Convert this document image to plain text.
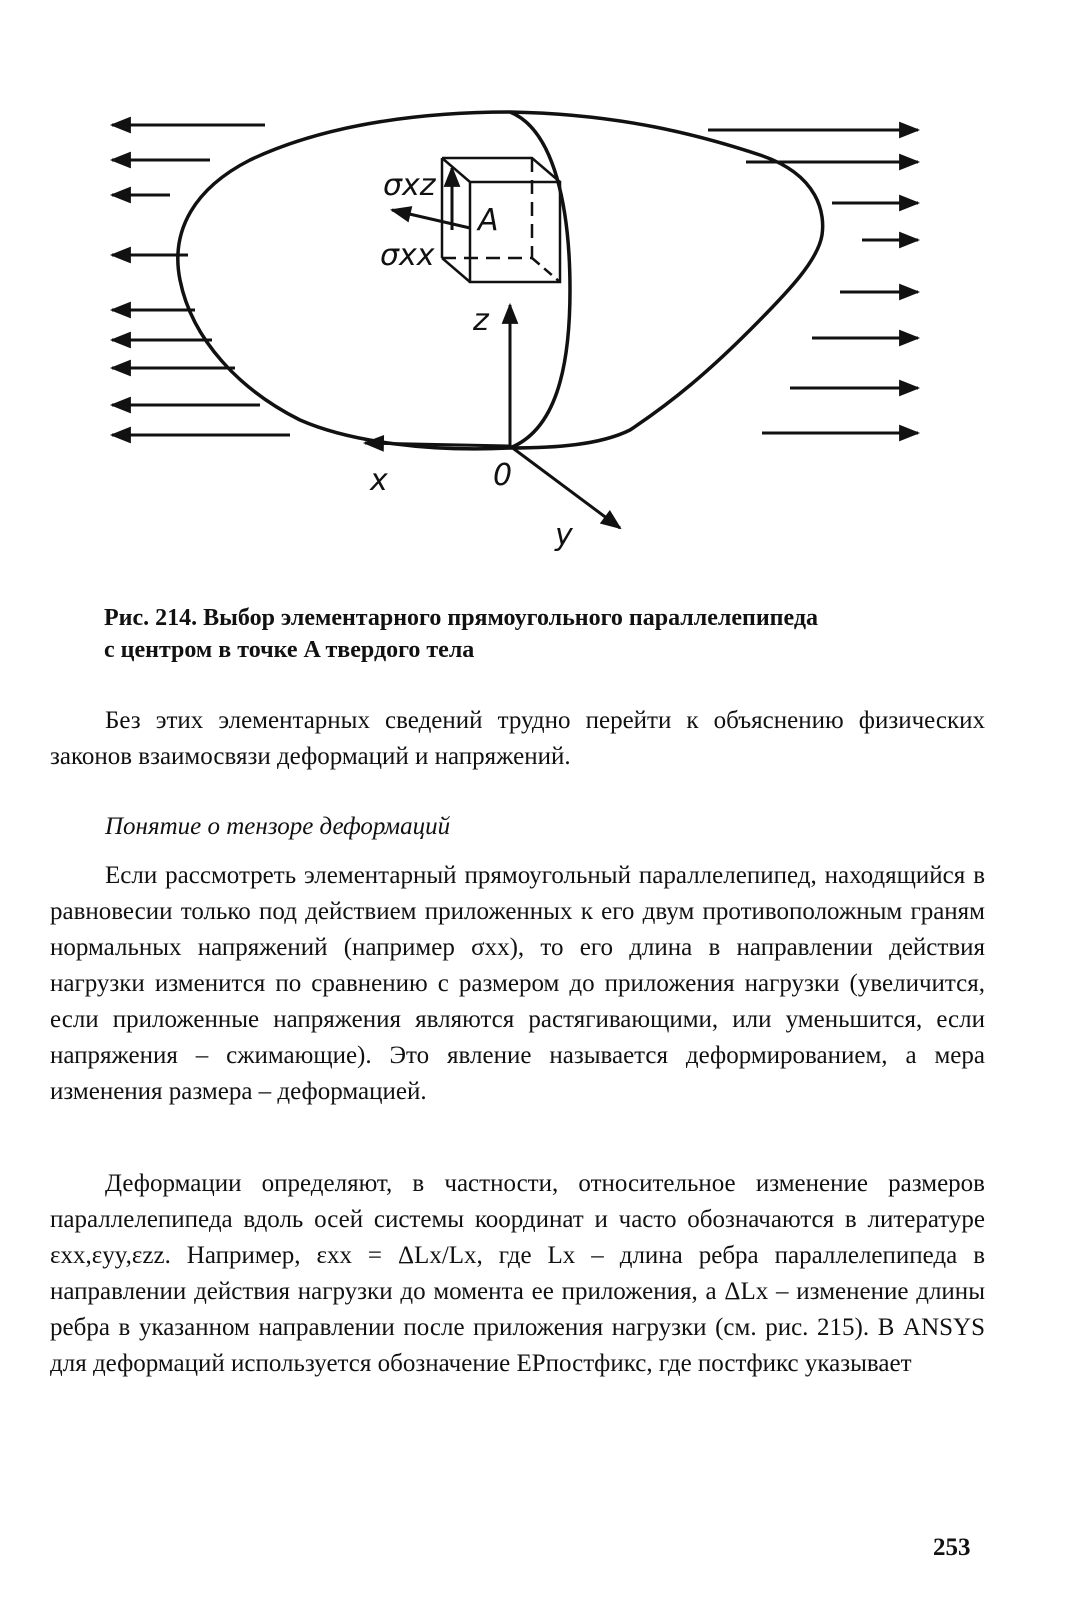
σxz
σxx
A
z
x	0
y
Рис. 214. Выбор элементарного прямоугольного параллелепипеда
с центром в точке A твердого тела

Без этих элементарных сведений трудно перейти к объяснению физических законов взаимосвязи деформаций и напряжений.

Понятие о тензоре деформаций

Если рассмотреть элементарный прямоугольный параллелепипед, находящийся в равновесии только под действием приложенных к его двум противоположным граням нормальных напряжений (например σxx), то его длина в направлении действия нагрузки изменится по сравнению с размером до приложения нагрузки (увеличится, если приложенные напряжения являются растягивающими, или уменьшится, если напряжения – сжимающие). Это явление называется деформированием, а мера изменения размера – деформацией.

Деформации определяют, в частности, относительное изменение размеров параллелепипеда вдоль осей системы координат и часто обозначаются в литературе εxx,εyy,εzz. Например, εxx = ΔLx/Lx, где Lx – длина ребра параллелепипеда в направлении действия нагрузки до момента ее приложения, а ΔLx – изменение длины ребра в указанном направлении после приложения нагрузки (см. рис. 215). В ANSYS для деформаций используется обозначение EPпостфикс, где постфикс указывает

253
